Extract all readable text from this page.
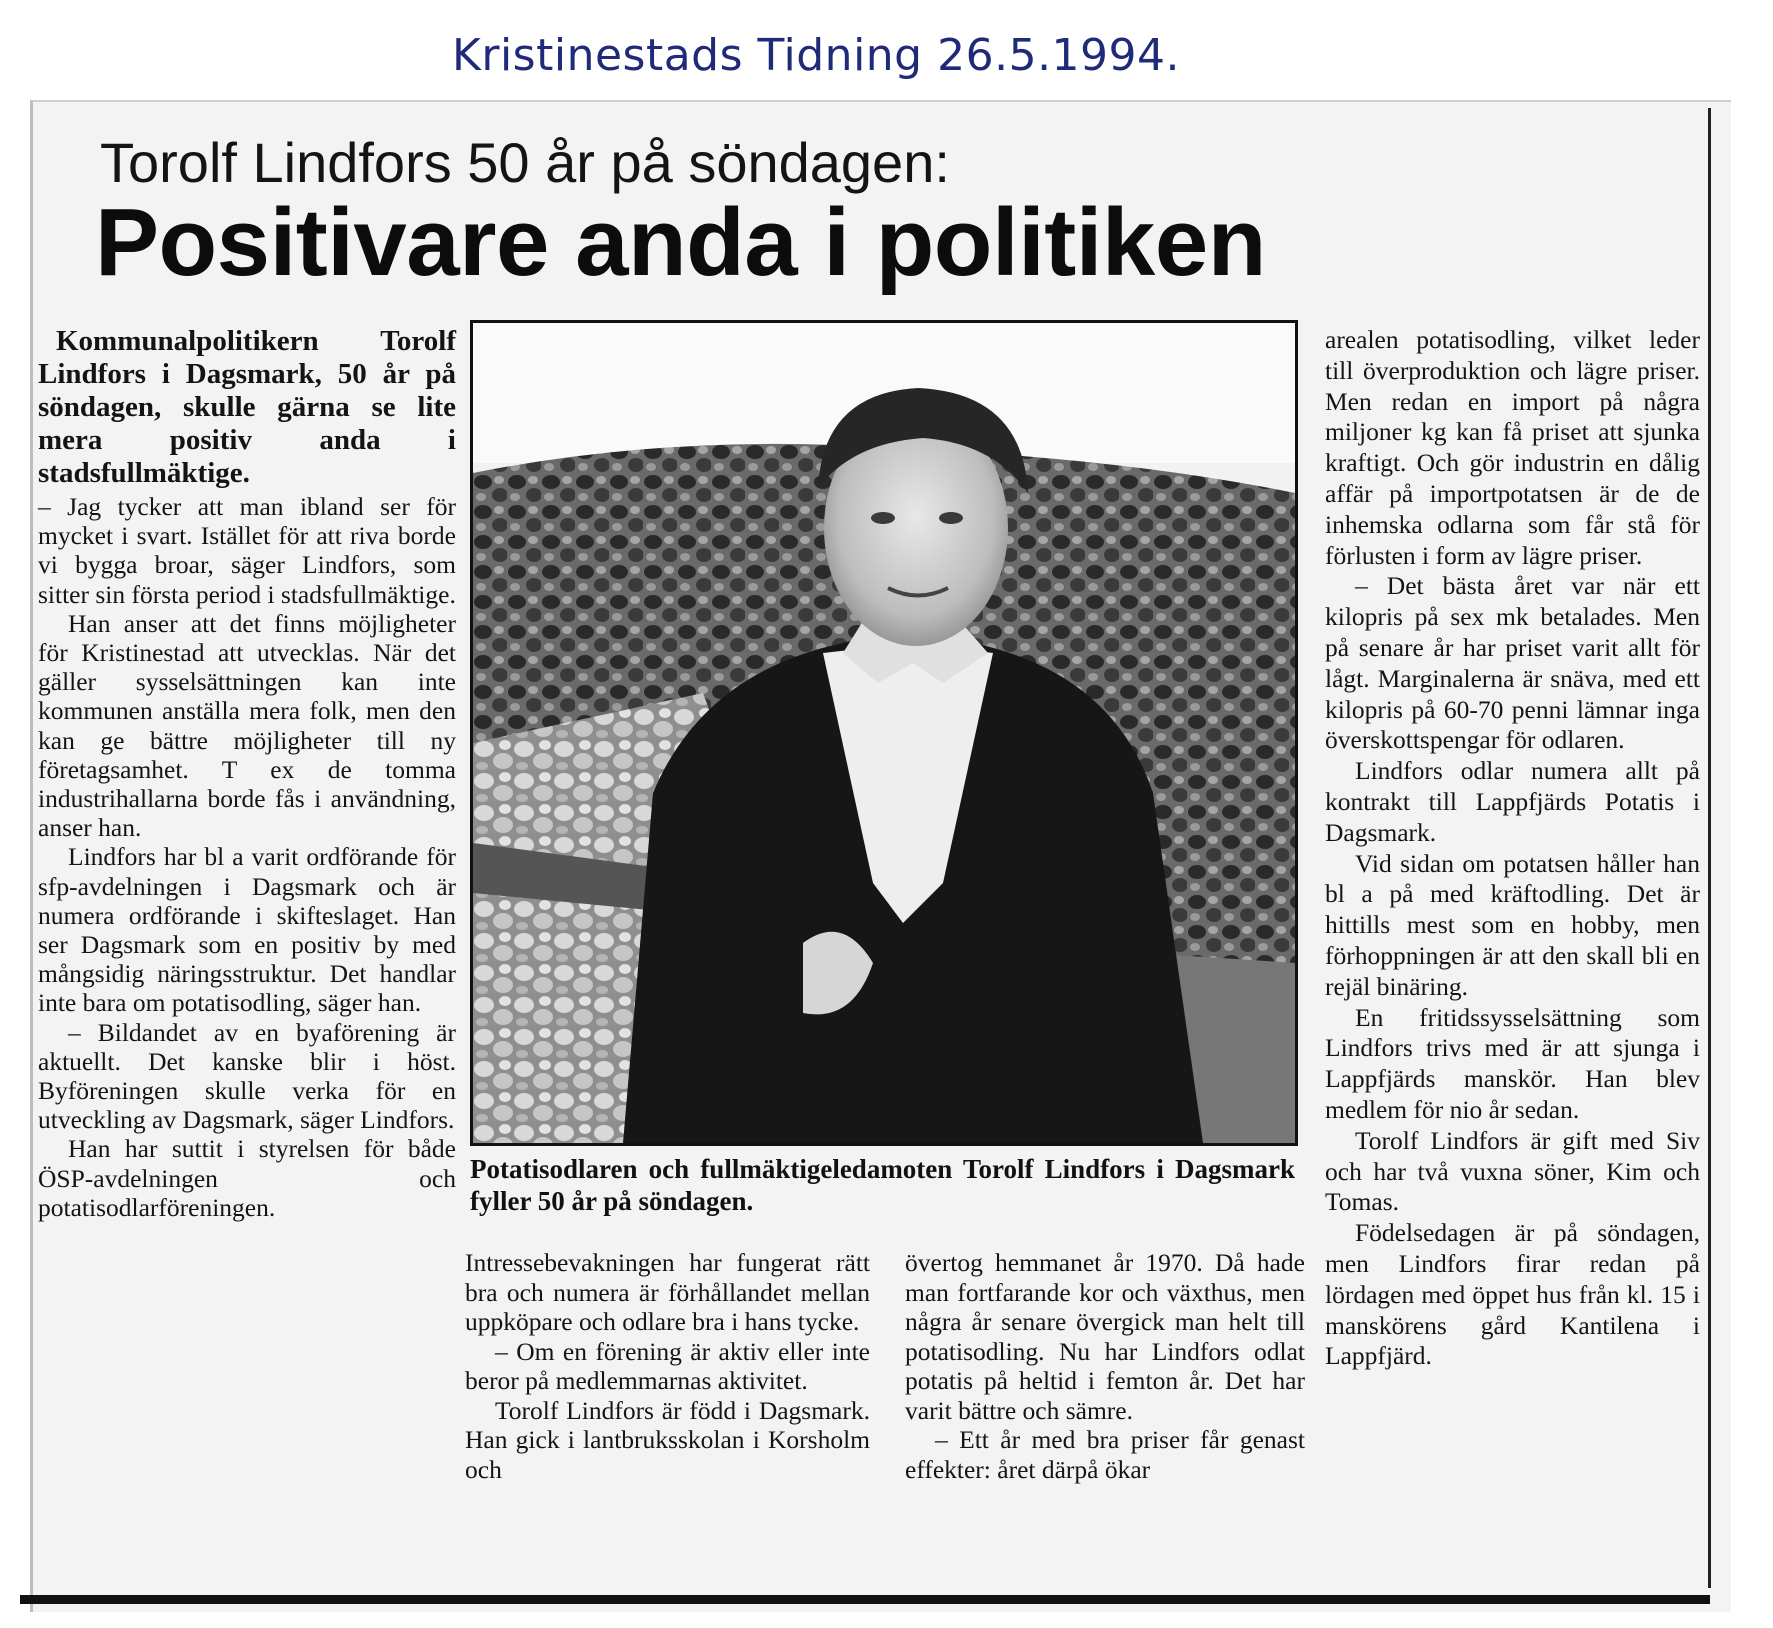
Kristinestads Tidning 26.5.1994.
Torolf Lindfors 50 år på söndagen:
Positivare anda i politiken

Kommunalpolitikern Torolf Lindfors i Dagsmark, 50 år på söndagen, skulle gärna se lite mera positiv anda i stadsfullmäktige.

– Jag tycker att man ibland ser för mycket i svart. Istället för att riva borde vi bygga broar, säger Lindfors, som sitter sin första period i stadsfullmäktige.

Han anser att det finns möjligheter för Kristinestad att utvecklas. När det gäller sysselsättningen kan inte kommunen anställa mera folk, men den kan ge bättre möjligheter till ny företagsamhet. T ex de tomma industrihallarna borde fås i användning, anser han.

Lindfors har bl a varit ordförande för sfp-avdelningen i Dagsmark och är numera ordförande i skifteslaget. Han ser Dagsmark som en positiv by med mångsidig näringsstruktur. Det handlar inte bara om potatisodling, säger han.

– Bildandet av en byaförening är aktuellt. Det kanske blir i höst. Byföreningen skulle verka för en utveckling av Dagsmark, säger Lindfors.

Han har suttit i styrelsen för både ÖSP-avdelningen och potatisodlarföreningen.

Potatisodlaren och fullmäktigeledamoten Torolf Lindfors i Dagsmark fyller 50 år på söndagen.

Intressebevakningen har fungerat rätt bra och numera är förhållandet mellan uppköpare och odlare bra i hans tycke.

– Om en förening är aktiv eller inte beror på medlemmarnas aktivitet.

Torolf Lindfors är född i Dagsmark. Han gick i lantbruksskolan i Korsholm och

övertog hemmanet år 1970. Då hade man fortfarande kor och växthus, men några år senare övergick man helt till potatisodling. Nu har Lindfors odlat potatis på heltid i femton år. Det har varit bättre och sämre.

– Ett år med bra priser får genast effekter: året därpå ökar

arealen potatisodling, vilket leder till överproduktion och lägre priser. Men redan en import på några miljoner kg kan få priset att sjunka kraftigt. Och gör industrin en dålig affär på importpotatsen är de de inhemska odlarna som får stå för förlusten i form av lägre priser.

– Det bästa året var när ett kilopris på sex mk betalades. Men på senare år har priset varit allt för lågt. Marginalerna är snäva, med ett kilopris på 60-70 penni lämnar inga överskottspengar för odlaren.

Lindfors odlar numera allt på kontrakt till Lappfjärds Potatis i Dagsmark.

Vid sidan om potatsen håller han bl a på med kräftodling. Det är hittills mest som en hobby, men förhoppningen är att den skall bli en rejäl binäring.

En fritidssysselsättning som Lindfors trivs med är att sjunga i Lappfjärds manskör. Han blev medlem för nio år sedan.

Torolf Lindfors är gift med Siv och har två vuxna söner, Kim och Tomas.

Födelsedagen är på söndagen, men Lindfors firar redan på lördagen med öppet hus från kl. 15 i manskörens gård Kantilena i Lappfjärd.
